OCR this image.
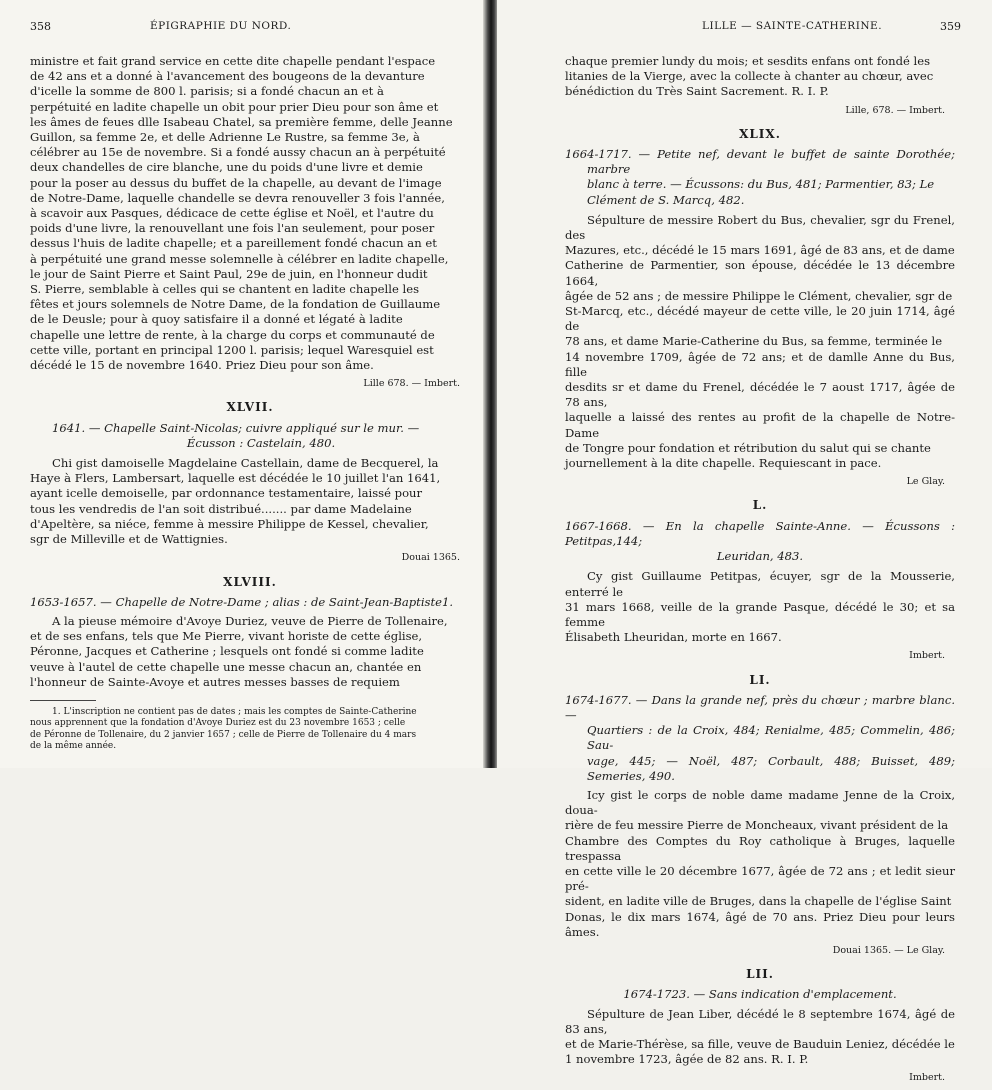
358	ÉPIGRAPHIE DU NORD.

ministre et fait grand service en cette dite chapelle pendant l'espace

de 42 ans et a donné à l'avancement des bougeons de la devanture

d'icelle la somme de 800 l. parisis; si a fondé chacun an et à

perpétuité en ladite chapelle un obit pour prier Dieu pour son âme et

les âmes de feues dlle Isabeau Chatel, sa première femme, delle Jeanne

Guillon, sa femme 2e, et delle Adrienne Le Rustre, sa femme 3e, à

célébrer au 15e de novembre. Si a fondé aussy chacun an à perpétuité

deux chandelles de cire blanche, une du poids d'une livre et demie

pour la poser au dessus du buffet de la chapelle, au devant de l'image

de Notre-Dame, laquelle chandelle se devra renouveller 3 fois l'année,

à scavoir aux Pasques, dédicace de cette église et Noël, et l'autre du

poids d'une livre, la renouvellant une fois l'an seulement, pour poser

dessus l'huis de ladite chapelle; et a pareillement fondé chacun an et

à perpétuité une grand messe solemnelle à célébrer en ladite chapelle,

le jour de Saint Pierre et Saint Paul, 29e de juin, en l'honneur dudit

S. Pierre, semblable à celles qui se chantent en ladite chapelle les

fêtes et jours solemnels de Notre Dame, de la fondation de Guillaume

de le Deusle; pour à quoy satisfaire il a donné et légaté à ladite

chapelle une lettre de rente, à la charge du corps et communauté de

cette ville, portant en principal 1200 l. parisis; lequel Waresquiel est

décédé le 15 de novembre 1640. Priez Dieu pour son âme.

Lille 678. — Imbert.
XLVII.

1641. — Chapelle Saint-Nicolas; cuivre appliqué sur le mur. —

Écusson : Castelain, 480.

Chi gist damoiselle Magdelaine Castellain, dame de Becquerel, la

Haye à Flers, Lambersart, laquelle est décédée le 10 juillet l'an 1641,

ayant icelle demoiselle, par ordonnance testamentaire, laissé pour

tous les vendredis de l'an soit distribué....... par dame Madelaine

d'Apeltère, sa niéce, femme à messire Philippe de Kessel, chevalier,

sgr de Milleville et de Wattignies.

Douai 1365.
XLVIII.

1653-1657. — Chapelle de Notre-Dame ; alias : de Saint-Jean-Baptiste1.

A la pieuse mémoire d'Avoye Duriez, veuve de Pierre de Tollenaire,

et de ses enfans, tels que Me Pierre, vivant horiste de cette église,

Péronne, Jacques et Catherine ; lesquels ont fondé si comme ladite

veuve à l'autel de cette chapelle une messe chacun an, chantée en

l'honneur de Sainte-Avoye et autres messes basses de requiem

1. L'inscription ne contient pas de dates ; mais les comptes de Sainte-Catherine

nous apprennent que la fondation d'Avoye Duriez est du 23 novembre 1653 ; celle

de Péronne de Tollenaire, du 2 janvier 1657 ; celle de Pierre de Tollenaire du 4 mars

de la même année.

LILLE — SAINTE-CATHERINE.	359

chaque premier lundy du mois; et sesdits enfans ont fondé les

litanies de la Vierge, avec la collecte à chanter au chœur, avec

bénédiction du Très Saint Sacrement. R. I. P.

Lille, 678. — Imbert.
XLIX.

1664-1717. — Petite nef, devant le buffet de sainte Dorothée; marbre

blanc à terre. — Écussons: du Bus, 481; Parmentier, 83; Le

Clément de S. Marcq, 482.

Sépulture de messire Robert du Bus, chevalier, sgr du Frenel, des

Mazures, etc., décédé le 15 mars 1691, âgé de 83 ans, et de dame

Catherine de Parmentier, son épouse, décédée le 13 décembre 1664,

âgée de 52 ans ; de messire Philippe le Clément, chevalier, sgr de

St-Marcq, etc., décédé mayeur de cette ville, le 20 juin 1714, âgé de

78 ans, et dame Marie-Catherine du Bus, sa femme, terminée le

14 novembre 1709, âgée de 72 ans; et de damlle Anne du Bus, fille

desdits sr et dame du Frenel, décédée le 7 aoust 1717, âgée de 78 ans,

laquelle a laissé des rentes au profit de la chapelle de Notre-Dame

de Tongre pour fondation et rétribution du salut qui se chante

journellement à la dite chapelle. Requiescant in pace.

Le Glay.
L.

1667-1668. — En la chapelle Sainte-Anne. — Écussons : Petitpas,144;

Leuridan, 483.

Cy gist Guillaume Petitpas, écuyer, sgr de la Mousserie, enterré le

31 mars 1668, veille de la grande Pasque, décédé le 30; et sa femme

Élisabeth Lheuridan, morte en 1667.

Imbert.
LI.

1674-1677. — Dans la grande nef, près du chœur ; marbre blanc. —

Quartiers : de la Croix, 484; Renialme, 485; Commelin, 486; Sau-

vage, 445; — Noël, 487; Corbault, 488; Buisset, 489; Semeries, 490.

Icy gist le corps de noble dame madame Jenne de la Croix, doua-

rière de feu messire Pierre de Moncheaux, vivant président de la

Chambre des Comptes du Roy catholique à Bruges, laquelle trespassa

en cette ville le 20 décembre 1677, âgée de 72 ans ; et ledit sieur pré-

sident, en ladite ville de Bruges, dans la chapelle de l'église Saint

Donas, le dix mars 1674, âgé de 70 ans. Priez Dieu pour leurs âmes.

Douai 1365. — Le Glay.
LII.

1674-1723. — Sans indication d'emplacement.

Sépulture de Jean Liber, décédé le 8 septembre 1674, âgé de 83 ans,

et de Marie-Thérèse, sa fille, veuve de Bauduin Leniez, décédée le

1 novembre 1723, âgée de 82 ans. R. I. P.

Imbert.
